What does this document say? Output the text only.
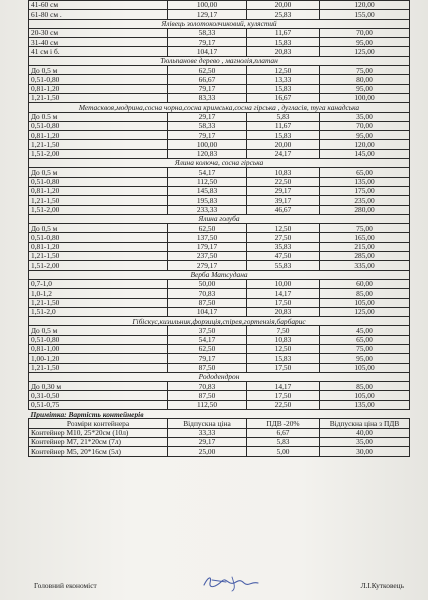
41-60 см	100,00	20,00	120,00
61-80 см .	129,17	25,83	155,00
Ялівець золотоколчиковий, кулястий			
20-30 см	58,33	11,67	70,00
31-40 см	79,17	15,83	95,00
41 см і б.	104,17	20,83	125,00
Тюльпанове дерево , магнолія,платан			
До 0,5 м	62,50	12,50	75,00
0,51-0,80	66,67	13,33	80,00
0,81-1,20	79,17	15,83	95,00
1,21-1,50	83,33	16,67	100,00
Метасквоя,модрина,сосна чорна,сосна кримська,сосна гірська , дугласія, туга канадська			
До 0.5 м	29,17	5,83	35,00
0,51-0,80	58,33	11,67	70,00
0,81-1,20	79,17	15,83	95,00
1,21-1,50	100,00	20,00	120,00
1,51-2,00	120,83	24,17	145,00
Ялина колюча, сосна гірська			
До 0,5 м	54,17	10,83	65,00
0,51-0,80	112,50	22,50	135,00
0,81-1,20	145,83	29,17	175,00
1,21-1,50	195,83	39,17	235,00
1,51-2,00	233,33	46,67	280,00
Ялина голуба			
До 0,5 м	62,50	12,50	75,00
0,51-0,80	137,50	27,50	165,00
0,81-1,20	179,17	35,83	215,00
1,21-1,50	237,50	47,50	285,00
1,51-2,00	279,17	55,83	335,00
Верба Матсудана			
0,7-1,0	50,00	10,00	60,00
1,0-1,2	70,83	14,17	85,00
1,21-1,50	87,50	17,50	105,00
1,51-2,0	104,17	20,83	125,00
Гібіскус,кизильник,форзиція,спірея,гортензія,барбарис			
До 0,5 м	37,50	7,50	45,00
0,51-0,80	54,17	10,83	65,00
0,81-1,00	62,50	12,50	75,00
1,00-1,20	79,17	15,83	95,00
1,21-1,50	87,50	17,50	105,00
Рододендрон			
До 0,30 м	70,83	14,17	85,00
0,31-0,50	87,50	17,50	105,00
0,51-0,75	112,50	22,50	135,00
Примітка: Вартість контейнерів			
Розміри контейнера	Відпускна ціна	ПДВ -20%	Відпускна ціна з ПДВ
Контейнер М10, 25*20см (10л)	33,33	6,67	40,00
Контейнер М7, 21*20см (7л)	29,17	5,83	35,00
Контейнер М5, 20*16см (5л)	25,00	5,00	30,00
Головний економіст	Л.І.Кутковець
